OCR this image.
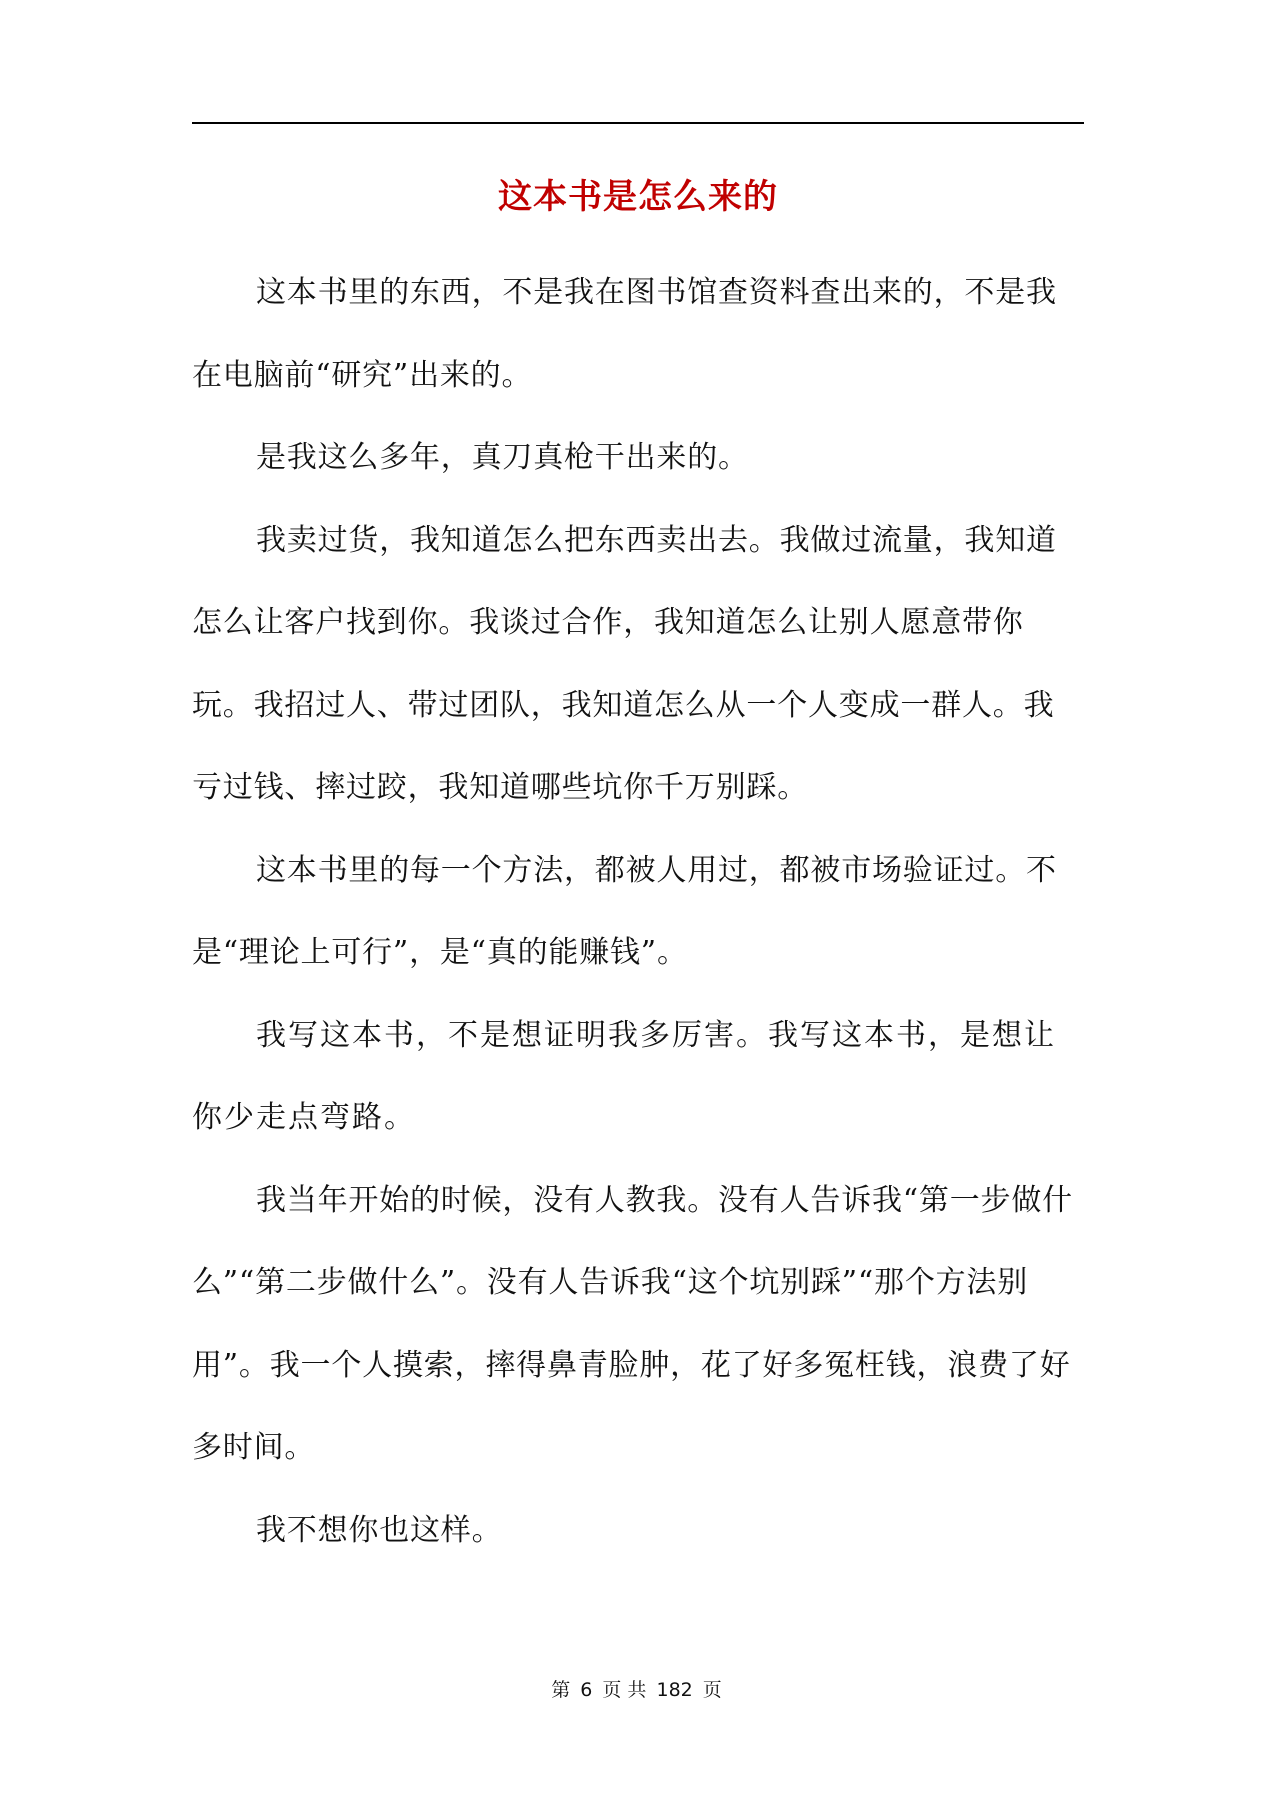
这本书是怎么来的

这本书里的东西，不是我在图书馆查资料查出来的，不是我在电脑前“研究”出来的。

是我这么多年，真刀真枪干出来的。

我卖过货，我知道怎么把东西卖出去。我做过流量，我知道怎么让客户找到你。我谈过合作，我知道怎么让别人愿意带你玩。我招过人、带过团队，我知道怎么从一个人变成一群人。我亏过钱、摔过跤，我知道哪些坑你千万别踩。

这本书里的每一个方法，都被人用过，都被市场验证过。不是“理论上可行”，是“真的能赚钱”。

我写这本书，不是想证明我多厉害。我写这本书，是想让你少走点弯路。

我当年开始的时候，没有人教我。没有人告诉我“第一步做什么”“第二步做什么”。没有人告诉我“这个坑别踩”“那个方法别用”。我一个人摸索，摔得鼻青脸肿，花了好多冤枉钱，浪费了好多时间。

我不想你也这样。

第 6 页 共 182 页
